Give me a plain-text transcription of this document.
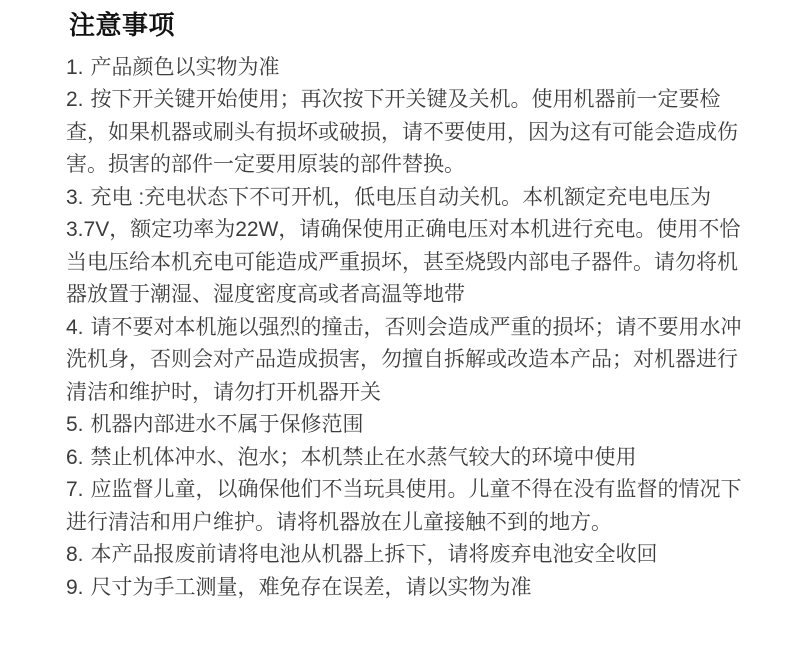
注意事项

1. 产品颜色以实物为准

2. 按下开关键开始使用；再次按下开关键及关机。使用机器前一定要检查，如果机器或刷头有损坏或破损，请不要使用，因为这有可能会造成伤害。损害的部件一定要用原装的部件替换。

3. 充电 :充电状态下不可开机，低电压自动关机。本机额定充电电压为3.7V，额定功率为22W，请确保使用正确电压对本机进行充电。使用不恰当电压给本机充电可能造成严重损坏，甚至烧毁内部电子器件。请勿将机器放置于潮湿、湿度密度高或者高温等地带

4. 请不要对本机施以强烈的撞击，否则会造成严重的损坏；请不要用水冲洗机身，否则会对产品造成损害，勿擅自拆解或改造本产品；对机器进行清洁和维护时，请勿打开机器开关

5. 机器内部进水不属于保修范围

6. 禁止机体冲水、泡水；本机禁止在水蒸气较大的环境中使用

7. 应监督儿童，以确保他们不当玩具使用。儿童不得在没有监督的情况下进行清洁和用户维护。请将机器放在儿童接触不到的地方。

8. 本产品报废前请将电池从机器上拆下，请将废弃电池安全收回

9. 尺寸为手工测量，难免存在误差，请以实物为准
